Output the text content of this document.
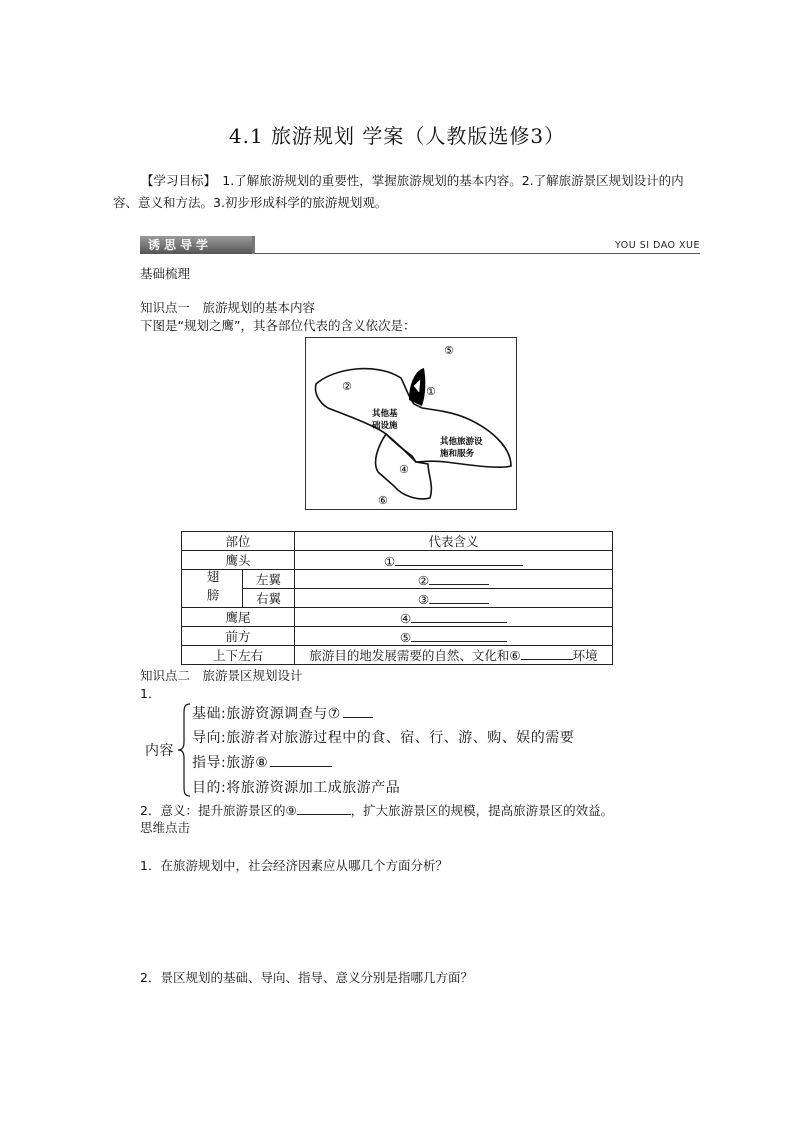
4.1 旅游规划 学案（人教版选修3）
【学习目标】　 1.了解旅游规划的重要性，掌握旅游规划的基本内容。2.了解旅游景区规划设计的内容、意义和方法。3.初步形成科学的旅游规划观。
诱思导学	YOU SI DAO XUE
基础梳理
知识点一　旅游规划的基本内容
下图是“规划之鹰”，其各部位代表的含义依次是：
②	①
⑤
④
⑥
其他基
础设施
其他旅游设
施和服务
部位		代表含义
鹰头		①
翅膀	左翼	②
	右翼	③
鹰尾		④
前方		⑤
上下左右		旅游目的地发展需要的自然、文化和⑥ 环境
知识点二　旅游景区规划设计
1．
内容
基础:旅游资源调查与⑦
导向:旅游者对旅游过程中的食、宿、行、游、购、娱的需要
指导:旅游⑧
目的:将旅游资源加工成旅游产品
2．意义：提升旅游景区的⑨	，扩大旅游景区的规模，提高旅游景区的效益。
思维点击
1．在旅游规划中，社会经济因素应从哪几个方面分析？
2．景区规划的基础、导向、指导、意义分别是指哪几方面？
